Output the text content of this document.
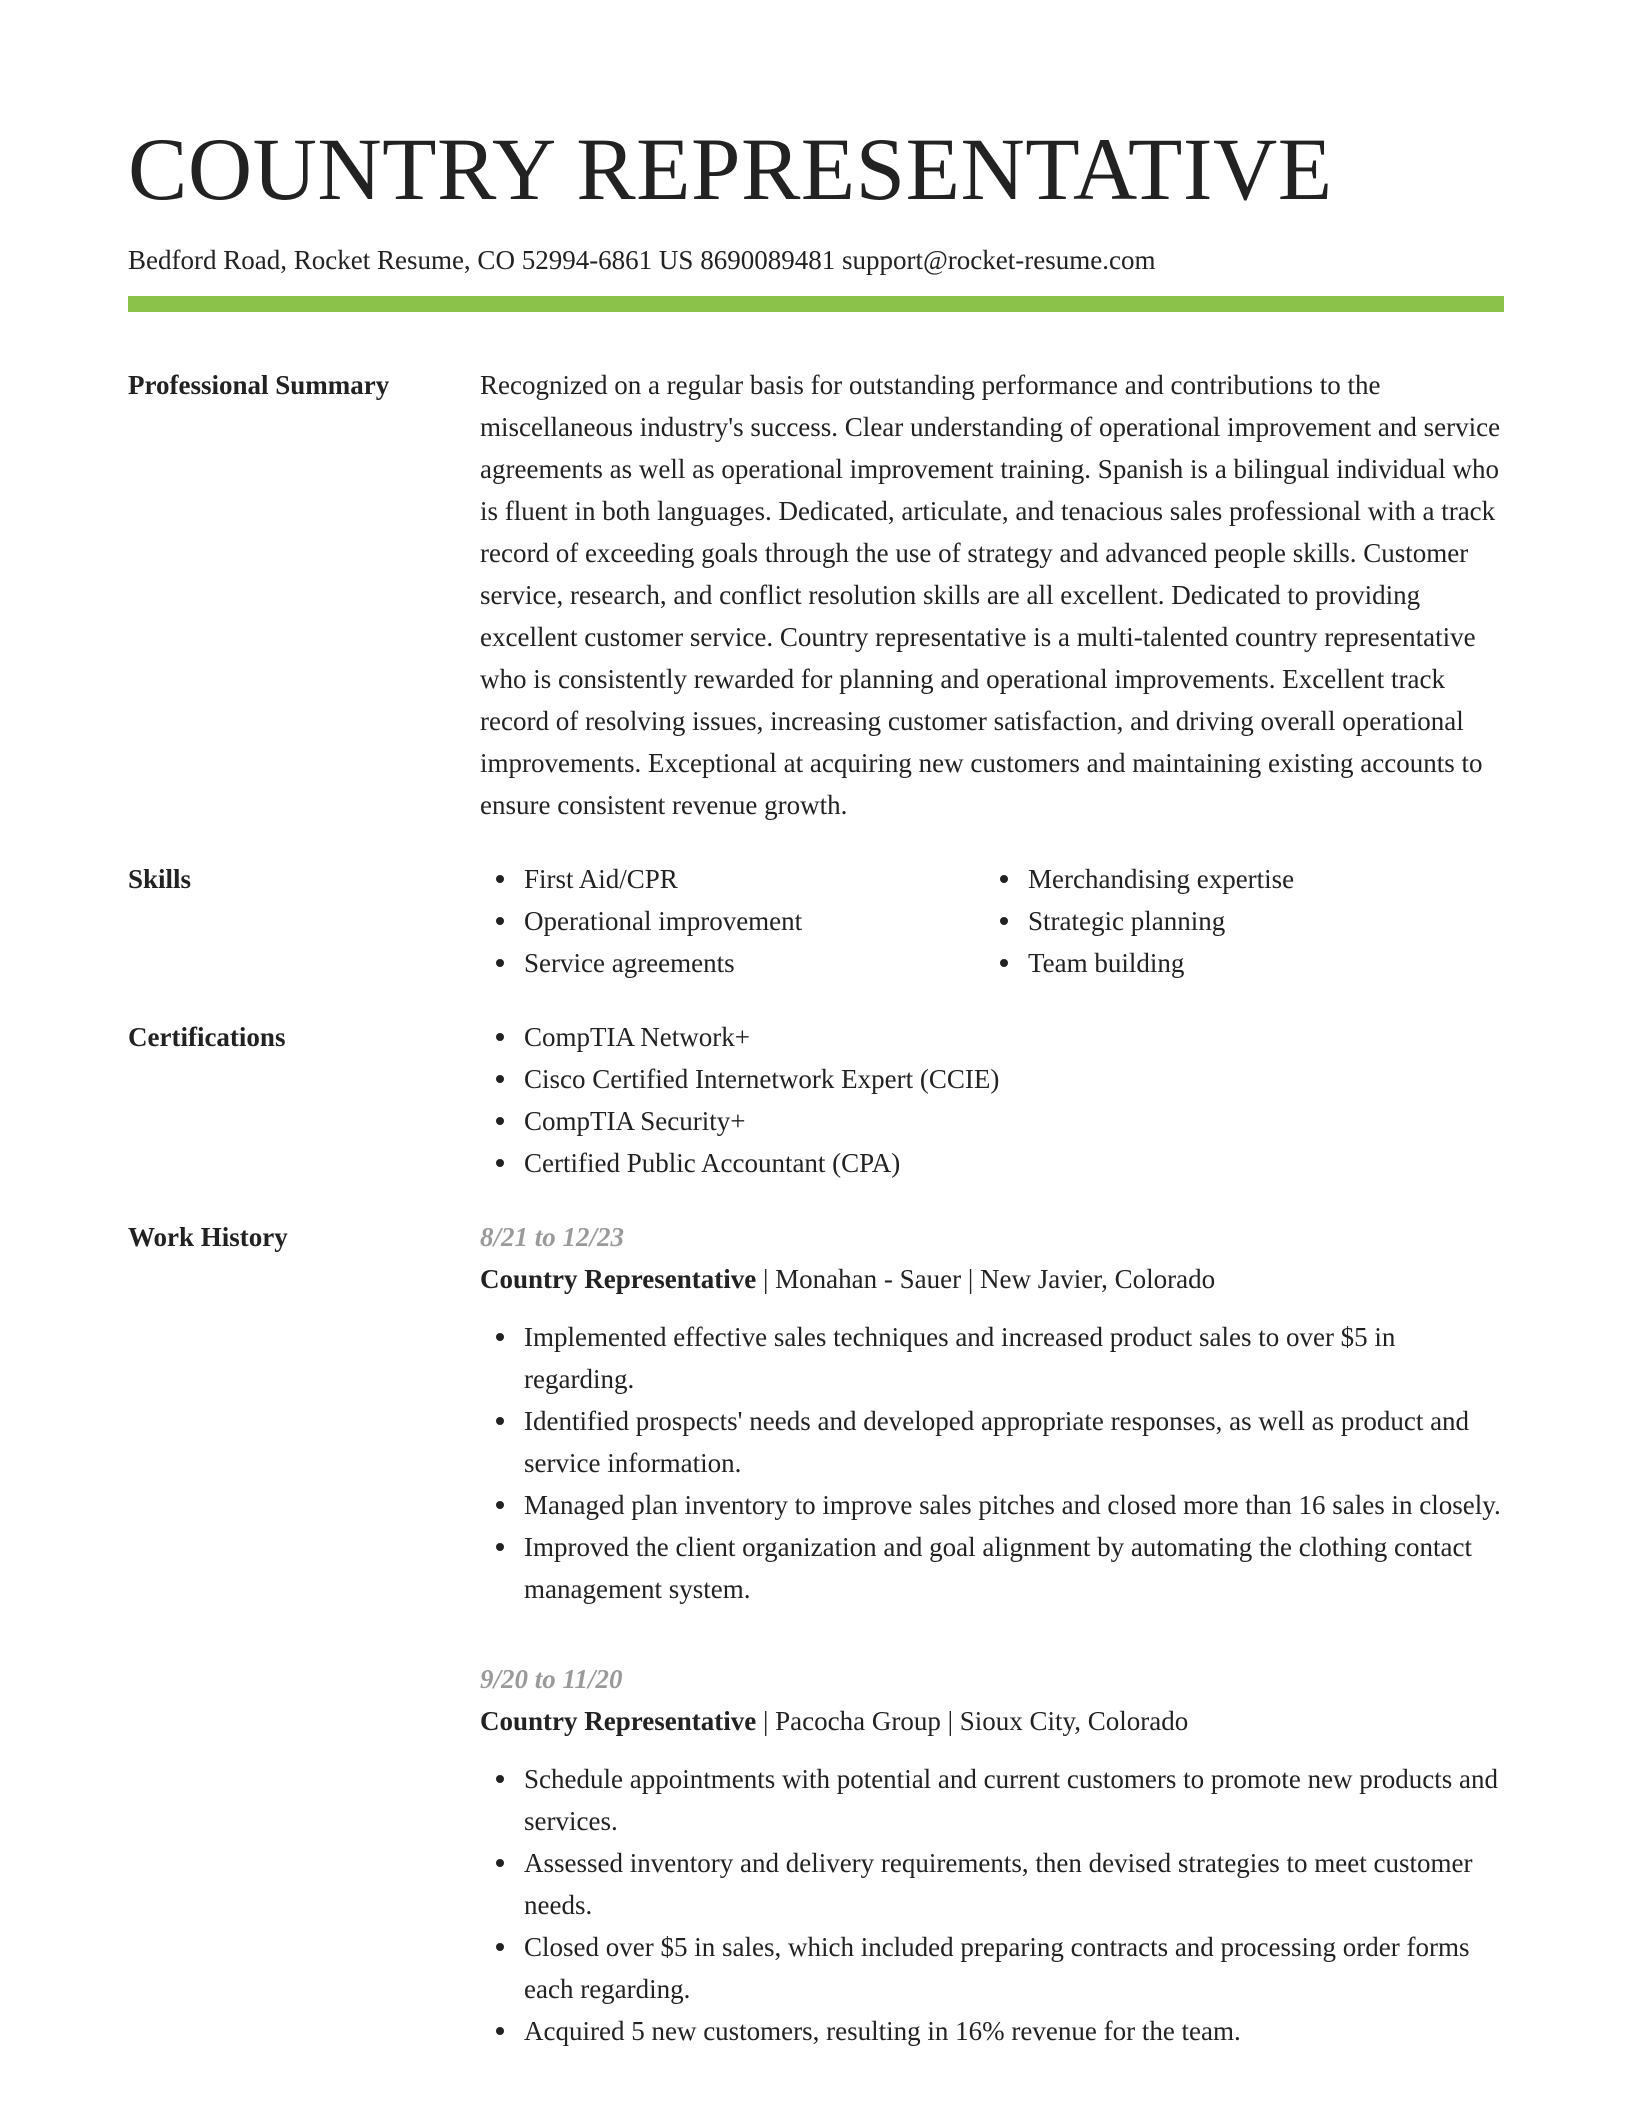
COUNTRY REPRESENTATIVE
Bedford Road, Rocket Resume, CO 52994-6861 US 8690089481 support@rocket-resume.com
Professional Summary	Recognized on a regular basis for outstanding performance and contributions to the miscellaneous industry's success. Clear understanding of operational improvement and service agreements as well as operational improvement training. Spanish is a bilingual individual who is fluent in both languages. Dedicated, articulate, and tenacious sales professional with a track record of exceeding goals through the use of strategy and advanced people skills. Customer service, research, and conflict resolution skills are all excellent. Dedicated to providing excellent customer service. Country representative is a multi-talented country representative who is consistently rewarded for planning and operational improvements. Excellent track record of resolving issues, increasing customer satisfaction, and driving overall operational improvements. Exceptional at acquiring new customers and maintaining existing accounts to ensure consistent revenue growth.

Skills	First Aid/CPR
Operational improvement
Service agreements
Merchandising expertise
Strategic planning
Team building
Certifications	CompTIA Network+
Cisco Certified Internetwork Expert (CCIE)
CompTIA Security+
Certified Public Accountant (CPA)
Work History	8/21 to 12/23
Country Representative | Monahan - Sauer | New Javier, Colorado
Implemented effective sales techniques and increased product sales to over $5 in regarding.
Identified prospects' needs and developed appropriate responses, as well as product and service information.
Managed plan inventory to improve sales pitches and closed more than 16 sales in closely.
Improved the client organization and goal alignment by automating the clothing contact management system.
9/20 to 11/20
Country Representative | Pacocha Group | Sioux City, Colorado
Schedule appointments with potential and current customers to promote new products and services.
Assessed inventory and delivery requirements, then devised strategies to meet customer needs.
Closed over $5 in sales, which included preparing contracts and processing order forms each regarding.
Acquired 5 new customers, resulting in 16% revenue for the team.
